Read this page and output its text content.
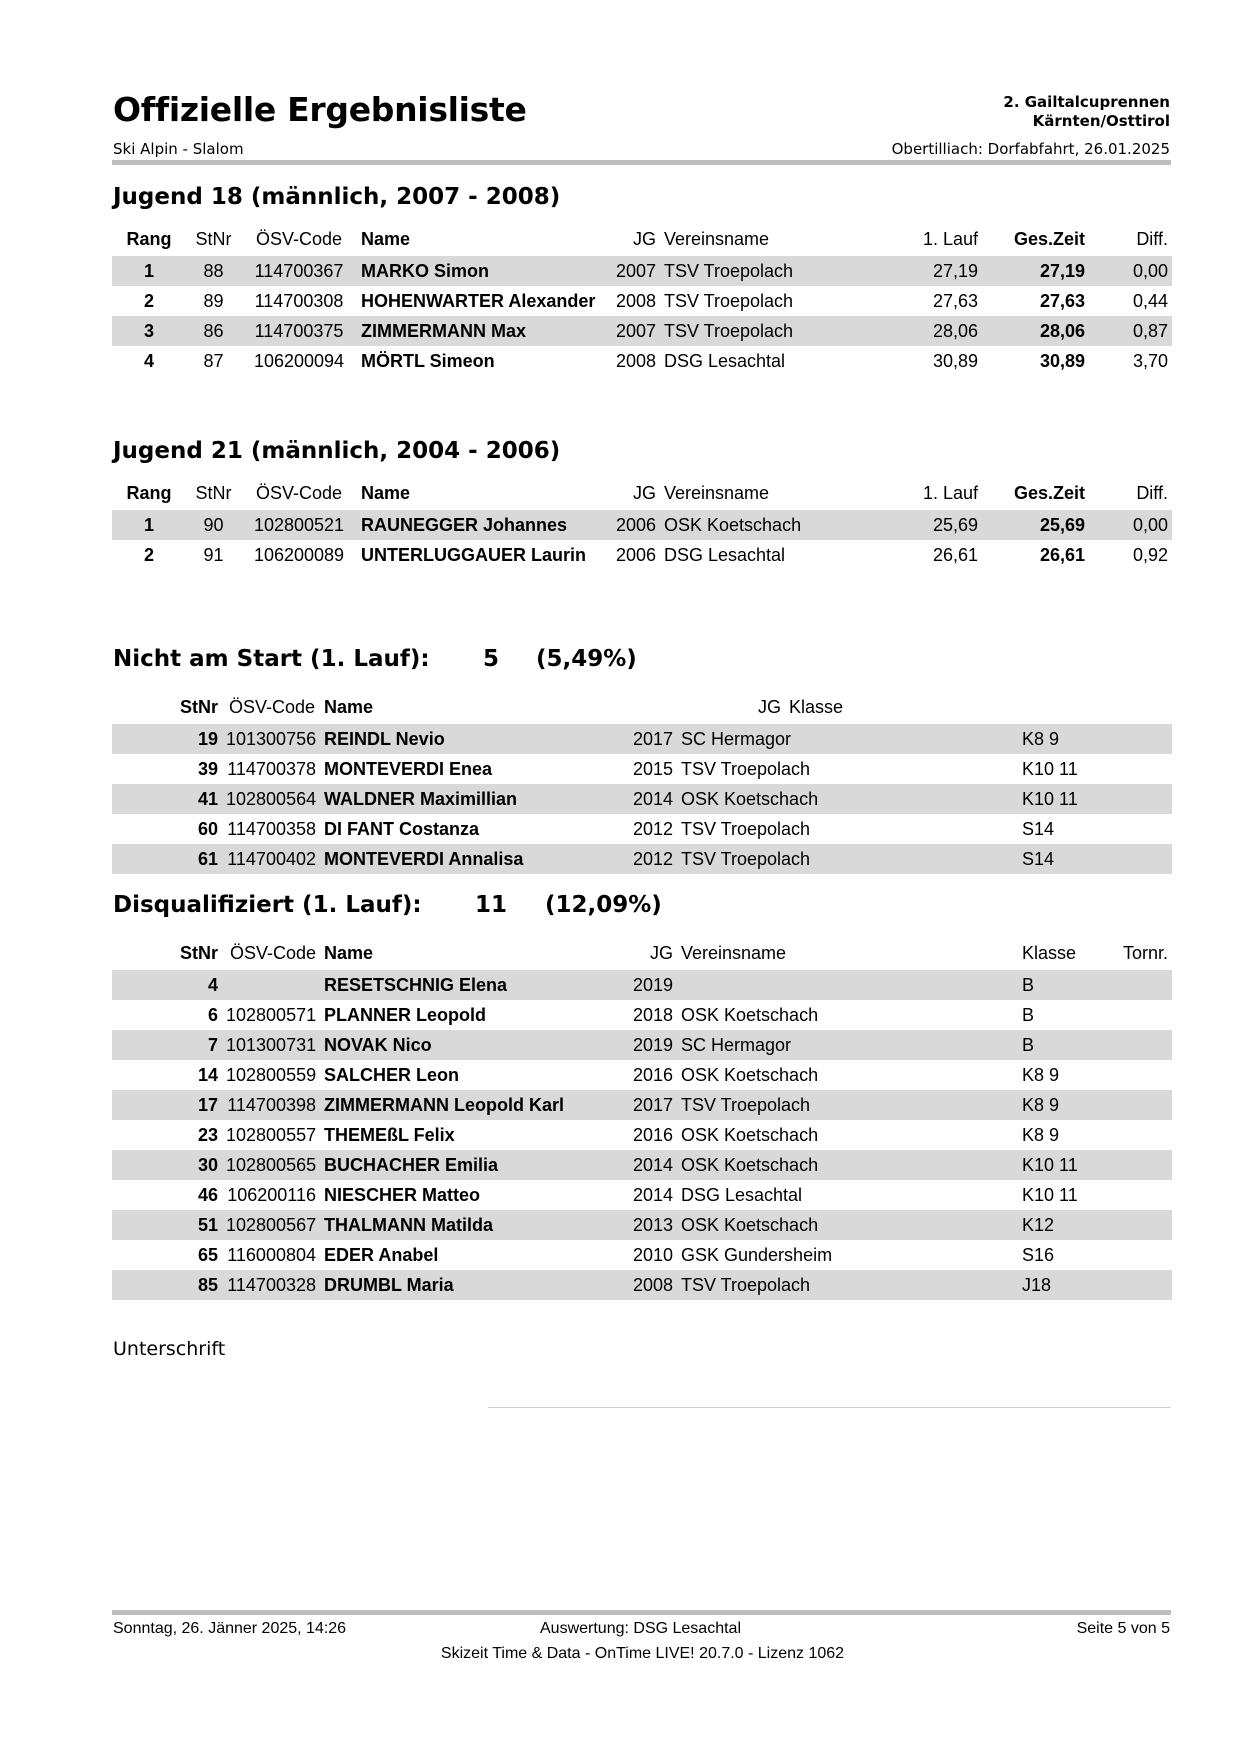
Offizielle Ergebnisliste
Ski Alpin - Slalom
2. Gailtalcuprennen
Kärnten/Osttirol
Obertilliach: Dorfabfahrt, 26.01.2025
Jugend 18 (männlich, 2007 - 2008)
Rang	StNr	ÖSV-Code	Name	JG	Vereinsname	1. Lauf	Ges.Zeit	Diff.
1	88	114700367	MARKO Simon	2007	TSV Troepolach	27,19	27,19	0,00
2	89	114700308	HOHENWARTER Alexander	2008	TSV Troepolach	27,63	27,63	0,44
3	86	114700375	ZIMMERMANN Max	2007	TSV Troepolach	28,06	28,06	0,87
4	87	106200094	MÖRTL Simeon	2008	DSG Lesachtal	30,89	30,89	3,70
Jugend 21 (männlich, 2004 - 2006)
Rang	StNr	ÖSV-Code	Name	JG	Vereinsname	1. Lauf	Ges.Zeit	Diff.
1	90	102800521	RAUNEGGER Johannes	2006	OSK Koetschach	25,69	25,69	0,00
2	91	106200089	UNTERLUGGAUER Laurin	2006	DSG Lesachtal	26,61	26,61	0,92
Nicht am Start (1. Lauf): 5 (5,49%)
StNr	ÖSV-Code	Name	JG	Klasse
19	101300756	REINDL Nevio	2017	SC Hermagor	K8 9
39	114700378	MONTEVERDI Enea	2015	TSV Troepolach	K10 11
41	102800564	WALDNER Maximillian	2014	OSK Koetschach	K10 11
60	114700358	DI FANT Costanza	2012	TSV Troepolach	S14
61	114700402	MONTEVERDI Annalisa	2012	TSV Troepolach	S14
Disqualifiziert (1. Lauf): 11 (12,09%)
StNr	ÖSV-Code	Name	JG	Vereinsname	Klasse	Tornr.
4		RESETSCHNIG Elena	2019		B	
6	102800571	PLANNER Leopold	2018	OSK Koetschach	B	
7	101300731	NOVAK Nico	2019	SC Hermagor	B	
14	102800559	SALCHER Leon	2016	OSK Koetschach	K8 9	
17	114700398	ZIMMERMANN Leopold Karl	2017	TSV Troepolach	K8 9	
23	102800557	THEMEßL Felix	2016	OSK Koetschach	K8 9	
30	102800565	BUCHACHER Emilia	2014	OSK Koetschach	K10 11	
46	106200116	NIESCHER Matteo	2014	DSG Lesachtal	K10 11	
51	102800567	THALMANN Matilda	2013	OSK Koetschach	K12	
65	116000804	EDER Anabel	2010	GSK Gundersheim	S16	
85	114700328	DRUMBL Maria	2008	TSV Troepolach	J18	
Unterschrift
Sonntag, 26. Jänner 2025, 14:26	Auswertung: DSG Lesachtal	Seite 5 von 5
Skizeit Time & Data - OnTime LIVE! 20.7.0 - Lizenz 1062
